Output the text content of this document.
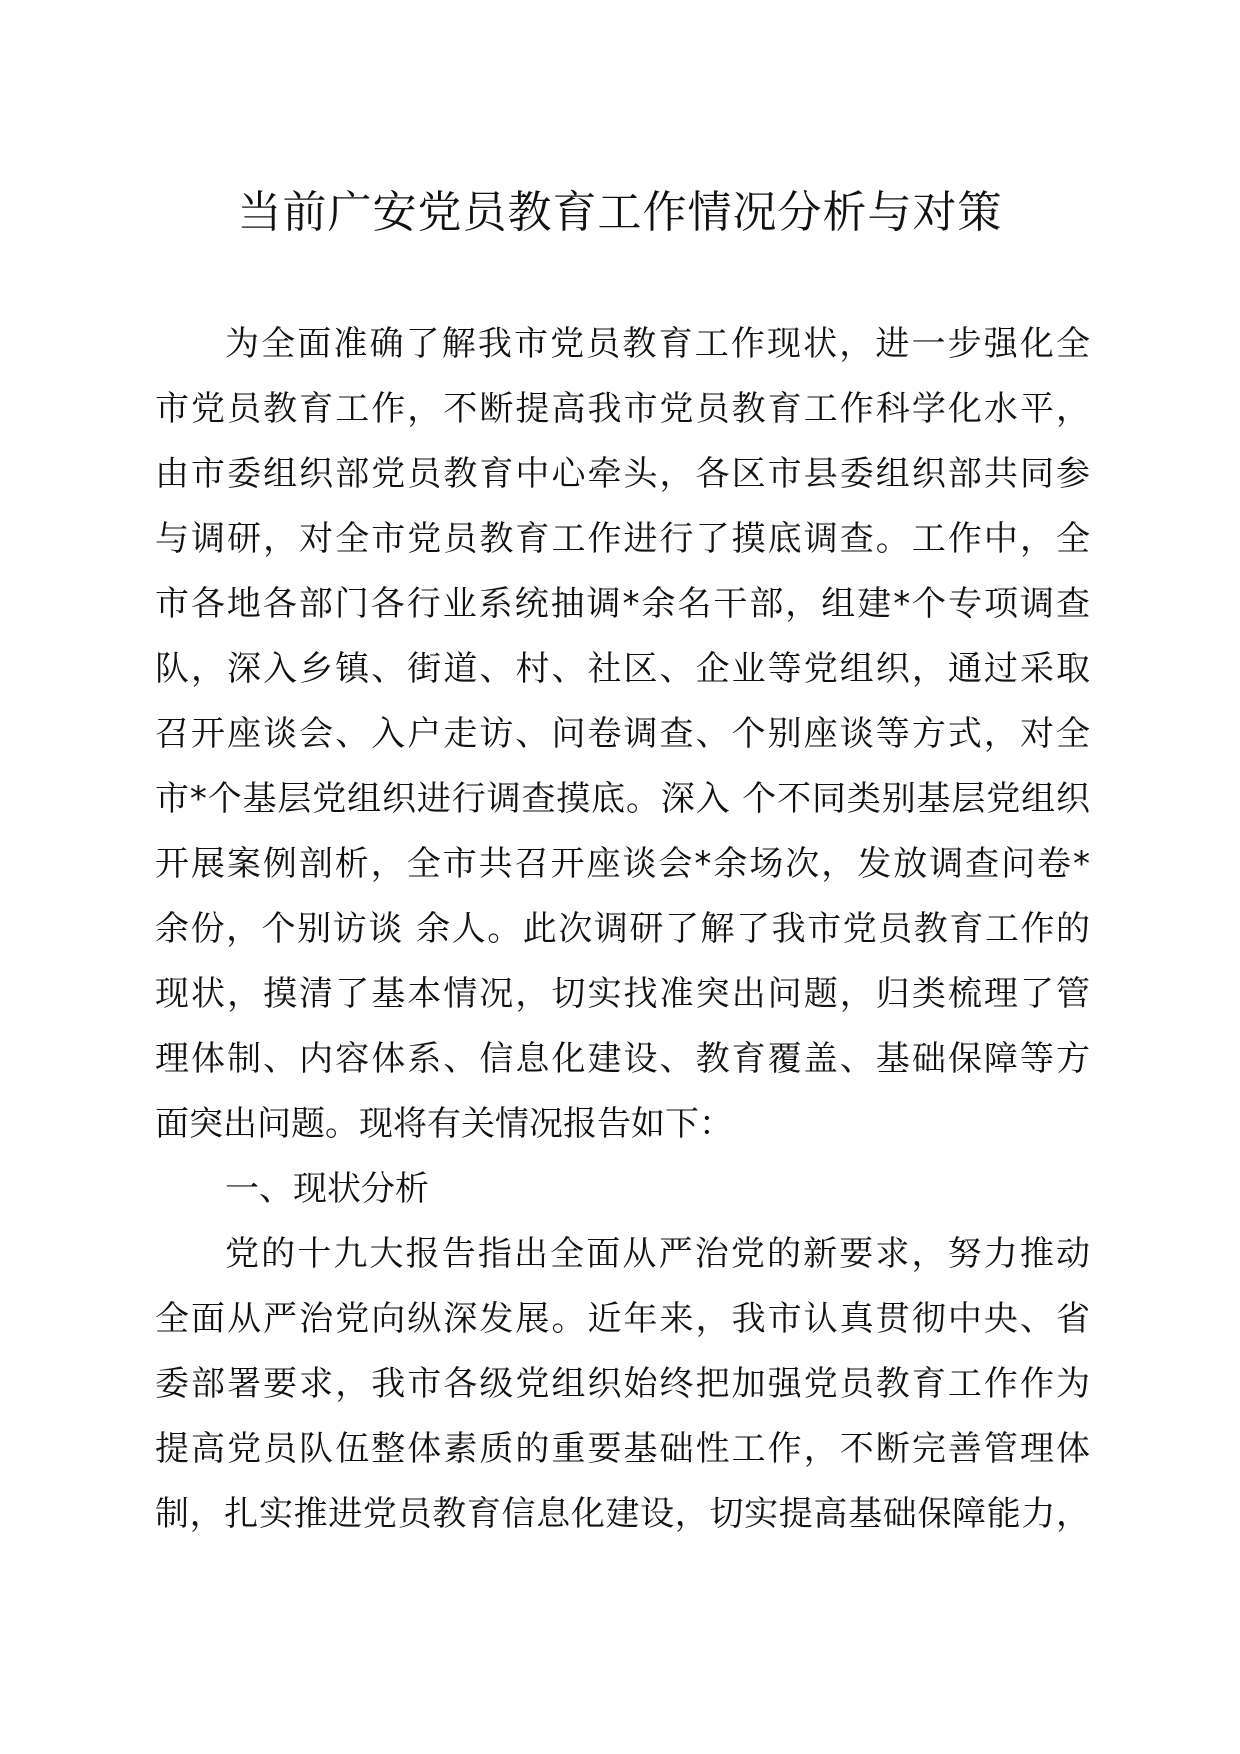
当前广安党员教育工作情况分析与对策
为全面准确了解我市党员教育工作现状，进一步强化全
市党员教育工作，不断提高我市党员教育工作科学化水平，
由市委组织部党员教育中心牵头，各区市县委组织部共同参
与调研，对全市党员教育工作进行了摸底调查。工作中，全
市各地各部门各行业系统抽调*余名干部，组建*个专项调查
队，深入乡镇、街道、村、社区、企业等党组织，通过采取
召开座谈会、入户走访、问卷调查、个别座谈等方式，对全
市*个基层党组织进行调查摸底。深入 个不同类别基层党组织
开展案例剖析，全市共召开座谈会*余场次，发放调查问卷*
余份，个别访谈 余人。此次调研了解了我市党员教育工作的
现状，摸清了基本情况，切实找准突出问题，归类梳理了管
理体制、内容体系、信息化建设、教育覆盖、基础保障等方
面突出问题。现将有关情况报告如下：
一、现状分析
党的十九大报告指出全面从严治党的新要求，努力推动
全面从严治党向纵深发展。近年来，我市认真贯彻中央、省
委部署要求，我市各级党组织始终把加强党员教育工作作为
提高党员队伍整体素质的重要基础性工作，不断完善管理体
制，扎实推进党员教育信息化建设，切实提高基础保障能力，
